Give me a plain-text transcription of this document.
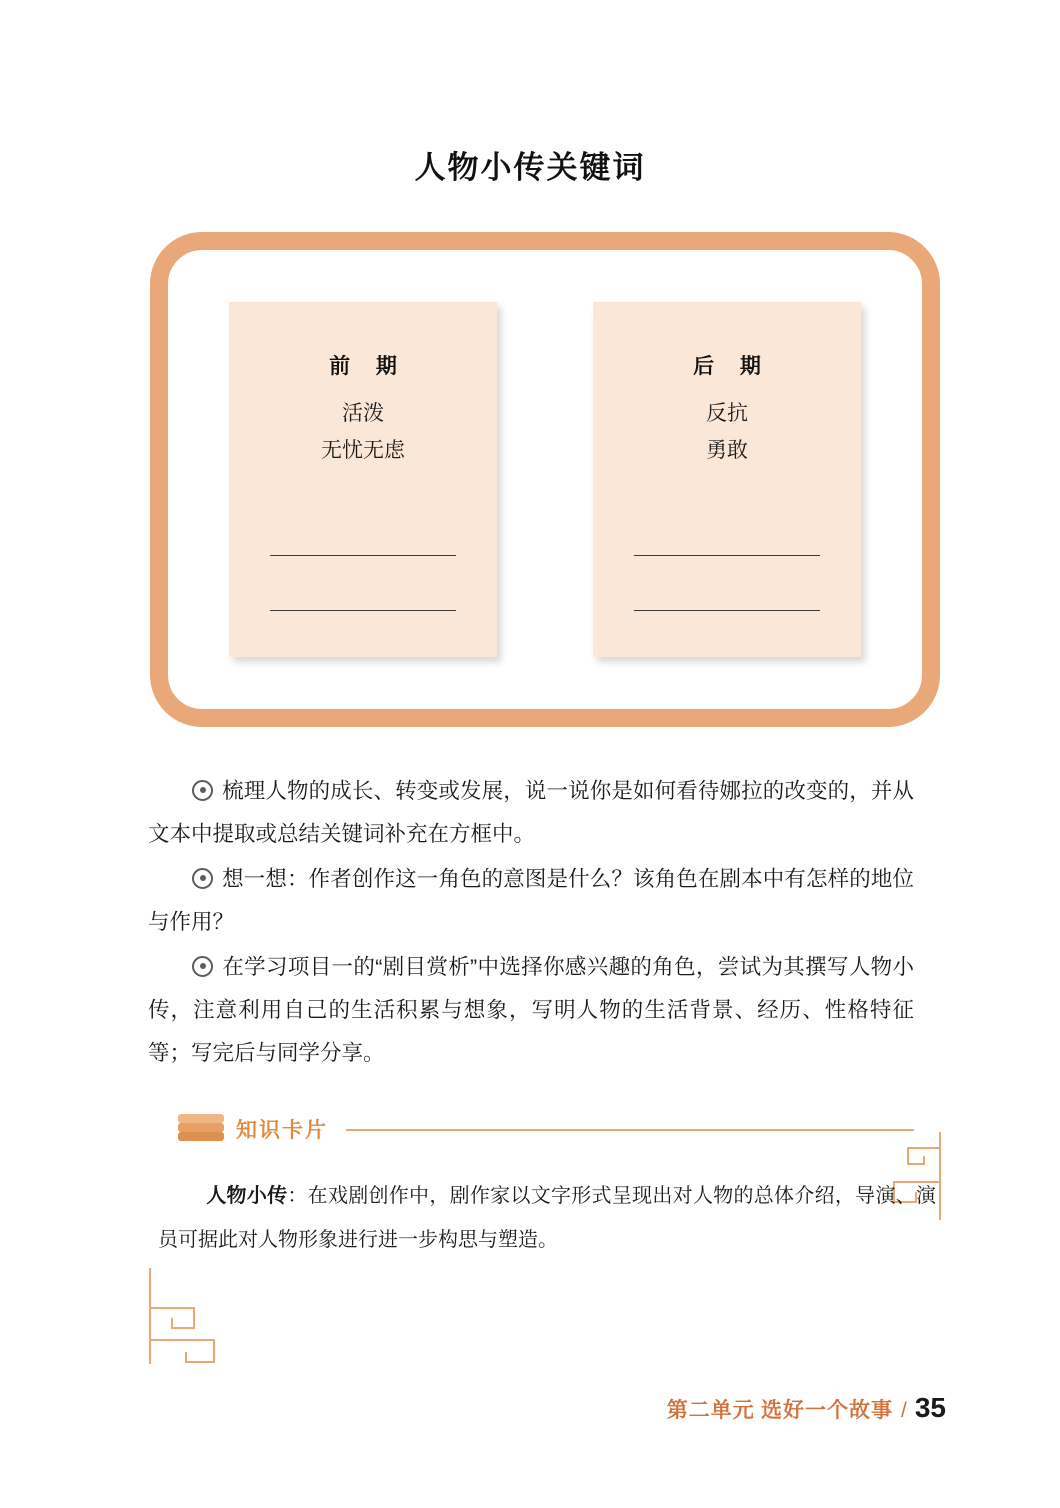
人物小传关键词
前 期
活泼
无忧无虑
后 期
反抗
勇敢

梳理人物的成长、转变或发展，说一说你是如何看待娜拉的改变的，并从文本中提取或总结关键词补充在方框中。

想一想：作者创作这一角色的意图是什么？该角色在剧本中有怎样的地位与作用？

在学习项目一的“剧目赏析”中选择你感兴趣的角色，尝试为其撰写人物小传，注意利用自己的生活积累与想象，写明人物的生活背景、经历、性格特征等；写完后与同学分享。

知识卡片
人物小传：在戏剧创作中，剧作家以文字形式呈现出对人物的总体介绍，导演、演员可据此对人物形象进行进一步构思与塑造。
第二单元 选好一个故事 / 35
